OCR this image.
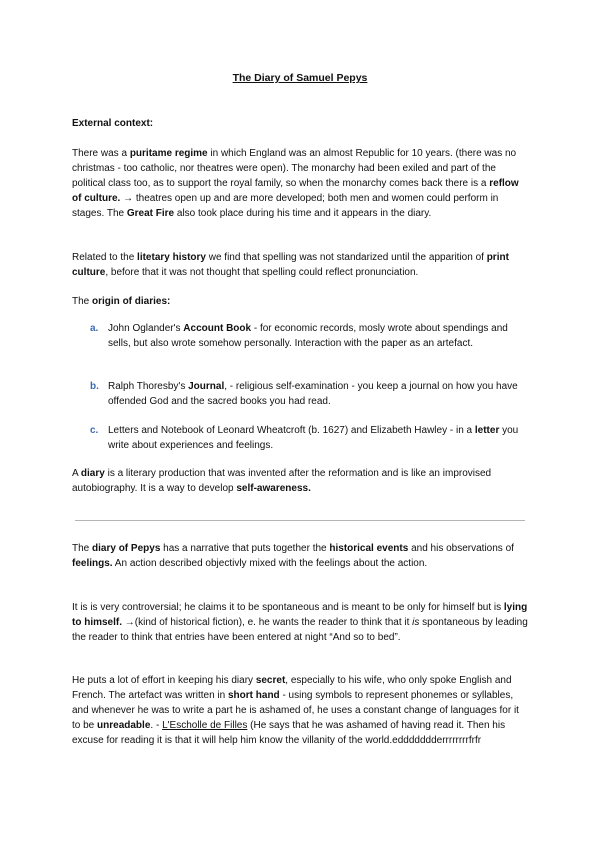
The Diary of Samuel Pepys
External context:
There was a puritame regime in which England was an almost Republic for 10 years. (there was no christmas - too catholic, nor theatres were open). The monarchy had been exiled and part of the political class too, as to support the royal family, so when the monarchy comes back there is a reflow of culture. → theatres open up and are more developed; both men and women could perform in stages. The Great Fire also took place during his time and it appears in the diary.
Related to the litetary history we find that spelling was not standarized until the apparition of print culture, before that it was not thought that spelling could reflect pronunciation.
The origin of diaries:
a. John Oglander's Account Book - for economic records, mosly wrote about spendings and sells, but also wrote somehow personally. Interaction with the paper as an artefact.
b. Ralph Thoresby's Journal, - religious self-examination - you keep a journal on how you have offended God and the sacred books you had read.
c. Letters and Notebook of Leonard Wheatcroft (b. 1627) and Elizabeth Hawley - in a letter you write about experiences and feelings.
A diary is a literary production that was invented after the reformation and is like an improvised autobiography. It is a way to develop self-awareness.
The diary of Pepys has a narrative that puts together the historical events and his observations of feelings. An action described objectivly mixed with the feelings about the action.
It is is very controversial; he claims it to be spontaneous and is meant to be only for himself but is lying to himself. →(kind of historical fiction), e. he wants the reader to think that it is spontaneous by leading the reader to think that entries have been entered at night “And so to bed”.
He puts a lot of effort in keeping his diary secret, especially to his wife, who only spoke English and French. The artefact was written in short hand - using symbols to represent phonemes or syllables, and whenever he was to write a part he is ashamed of, he uses a constant change of languages for it to be unreadable. - L'Escholle de Filles (He says that he was ashamed of having read it. Then his excuse for reading it is that it will help him know the villanity of the world.eddddddderrrrrrrrfrfr
